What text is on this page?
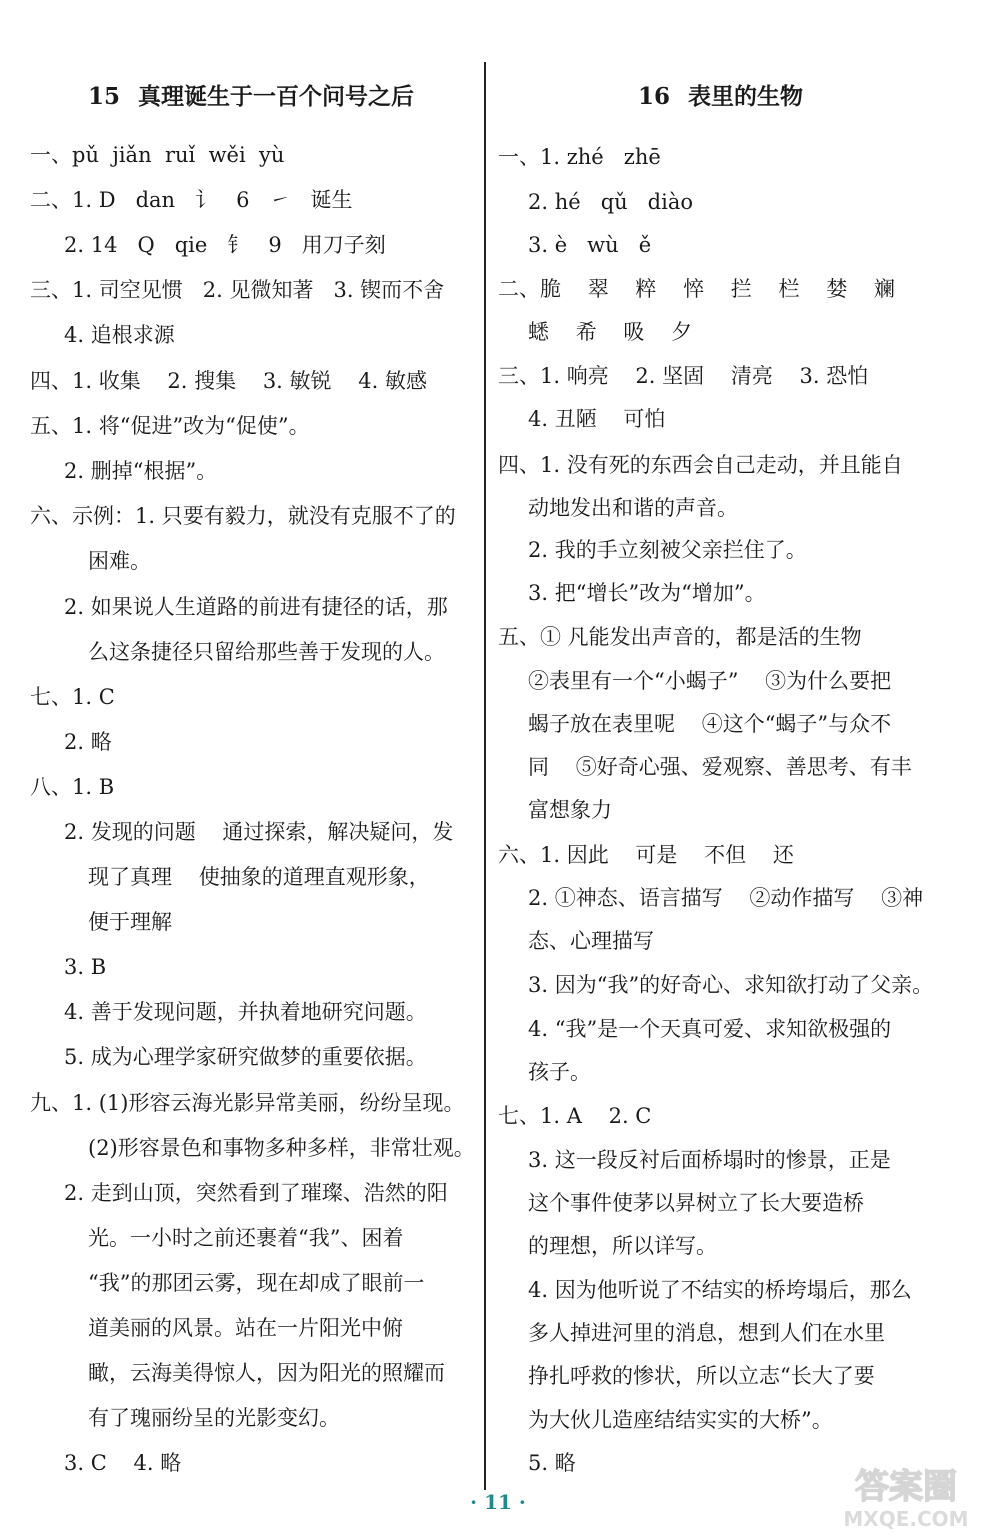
15 真理诞生于一百个问号之后
一、pǔ  jiǎn  ruǐ  wěi  yù
二、1. D   dan   讠   6   ㇀   诞生
2. 14   Q   qie   钅   9   用刀子刻
三、1. 司空见惯   2. 见微知著   3. 锲而不舍
4. 追根求源
四、1. 收集    2. 搜集    3. 敏锐    4. 敏感
五、1. 将“促进”改为“促使”。
2. 删掉“根据”。
六、示例：1. 只要有毅力，就没有克服不了的
困难。
2. 如果说人生道路的前进有捷径的话，那
么这条捷径只留给那些善于发现的人。
七、1. C
2. 略
八、1. B
2. 发现的问题    通过探索，解决疑问，发
现了真理    使抽象的道理直观形象，
便于理解
3. B
4. 善于发现问题，并执着地研究问题。
5. 成为心理学家研究做梦的重要依据。
九、1. (1)形容云海光影异常美丽，纷纷呈现。
(2)形容景色和事物多种多样，非常壮观。
2. 走到山顶，突然看到了璀璨、浩然的阳
光。一小时之前还裹着“我”、困着
“我”的那团云雾，现在却成了眼前一
道美丽的风景。站在一片阳光中俯
瞰，云海美得惊人，因为阳光的照耀而
有了瑰丽纷呈的光影变幻。
3. C    4. 略
16 表里的生物
一、1. zhé   zhē
2. hé   qǔ   diào
3. è   wù   ě
二、脆    翠    粹    悴    拦    栏    婪    斓
蟋    希    吸    夕
三、1. 响亮    2. 坚固    清亮    3. 恐怕
4. 丑陋    可怕
四、1. 没有死的东西会自己走动，并且能自
动地发出和谐的声音。
2. 我的手立刻被父亲拦住了。
3. 把“增长”改为“增加”。
五、① 凡能发出声音的，都是活的生物
②表里有一个“小蝎子”    ③为什么要把
蝎子放在表里呢    ④这个“蝎子”与众不
同    ⑤好奇心强、爱观察、善思考、有丰
富想象力
六、1. 因此    可是    不但    还
2. ①神态、语言描写    ②动作描写    ③神
态、心理描写
3. 因为“我”的好奇心、求知欲打动了父亲。
4. “我”是一个天真可爱、求知欲极强的
孩子。
七、1. A    2. C
3. 这一段反衬后面桥塌时的惨景，正是
这个事件使茅以昇树立了长大要造桥
的理想，所以详写。
4. 因为他听说了不结实的桥垮塌后，那么
多人掉进河里的消息，想到人们在水里
挣扎呼救的惨状，所以立志“长大了要
为大伙儿造座结结实实的大桥”。
5. 略
· 11 ·	答案圈
MXQE.COM
